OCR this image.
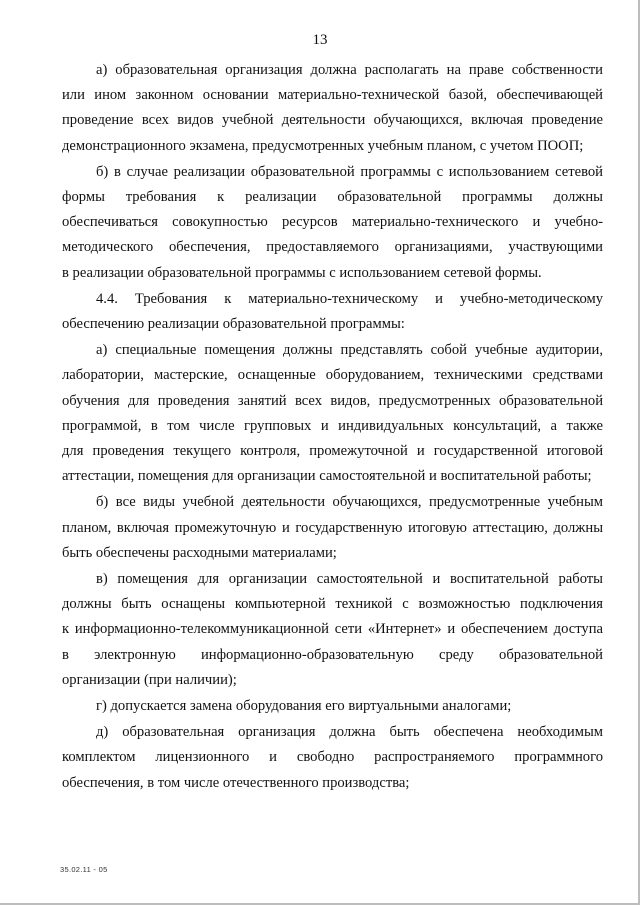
13
а) образовательная организация должна располагать на праве собственности
или ином законном основании материально-технической базой, обеспечивающей
проведение всех видов учебной деятельности обучающихся, включая проведение
демонстрационного экзамена, предусмотренных учебным планом, с учетом ПООП;
б) в случае реализации образовательной программы с использованием сетевой
формы требования к реализации образовательной программы должны
обеспечиваться совокупностью ресурсов материально-технического и учебно-
методического обеспечения, предоставляемого организациями, участвующими
в реализации образовательной программы с использованием сетевой формы.
4.4. Требования к материально-техническому и учебно-методическому
обеспечению реализации образовательной программы:
а) специальные помещения должны представлять собой учебные аудитории,
лаборатории, мастерские, оснащенные оборудованием, техническими средствами
обучения для проведения занятий всех видов, предусмотренных образовательной
программой, в том числе групповых и индивидуальных консультаций, а также
для проведения текущего контроля, промежуточной и государственной итоговой
аттестации, помещения для организации самостоятельной и воспитательной работы;
б) все виды учебной деятельности обучающихся, предусмотренные учебным
планом, включая промежуточную и государственную итоговую аттестацию, должны
быть обеспечены расходными материалами;
в) помещения для организации самостоятельной и воспитательной работы
должны быть оснащены компьютерной техникой с возможностью подключения
к информационно-телекоммуникационной сети «Интернет» и обеспечением доступа
в электронную информационно-образовательную среду образовательной
организации (при наличии);
г) допускается замена оборудования его виртуальными аналогами;
д) образовательная организация должна быть обеспечена необходимым
комплектом лицензионного и свободно распространяемого программного
обеспечения, в том числе отечественного производства;
35.02.11 - 05
